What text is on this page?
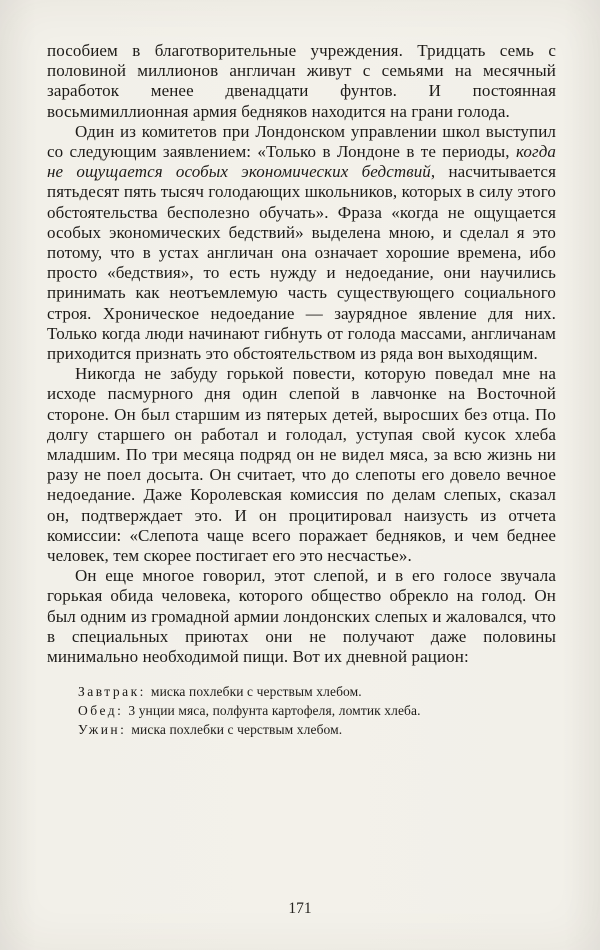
пособием в благотворительные учреждения. Тридцать семь с половиной миллионов англичан живут с семьями на месячный заработок менее двенадцати фунтов. И постоянная восьмимиллионная армия бедняков находится на грани голода.

Один из комитетов при Лондонском управлении школ выступил со следующим заявлением: «Только в Лондоне в те периоды, когда не ощущается особых экономических бедствий, насчитывается пятьдесят пять тысяч голодающих школьников, которых в силу этого обстоятельства бесполезно обучать». Фраза «когда не ощущается особых экономических бедствий» выделена мною, и сделал я это потому, что в устах англичан она означает хорошие времена, ибо просто «бедствия», то есть нужду и недоедание, они научились принимать как неотъемлемую часть существующего социального строя. Хроническое недоедание — заурядное явление для них. Только когда люди начинают гибнуть от голода массами, англичанам приходится признать это обстоятельством из ряда вон выходящим.

Никогда не забуду горькой повести, которую поведал мне на исходе пасмурного дня один слепой в лавчонке на Восточной стороне. Он был старшим из пятерых детей, выросших без отца. По долгу старшего он работал и голодал, уступая свой кусок хлеба младшим. По три месяца подряд он не видел мяса, за всю жизнь ни разу не поел досыта. Он считает, что до слепоты его довело вечное недоедание. Даже Королевская комиссия по делам слепых, сказал он, подтверждает это. И он процитировал наизусть из отчета комиссии: «Слепота чаще всего поражает бедняков, и чем беднее человек, тем скорее постигает его это несчастье».

Он еще многое говорил, этот слепой, и в его голосе звучала горькая обида человека, которого общество обрекло на голод. Он был одним из громадной армии лондонских слепых и жаловался, что в специальных приютах они не получают даже половины минимально необходимой пищи. Вот их дневной рацион:

Завтрак: миска похлебки с черствым хлебом.
Обед: 3 унции мяса, полфунта картофеля, ломтик хлеба.
Ужин: миска похлебки с черствым хлебом.
171
